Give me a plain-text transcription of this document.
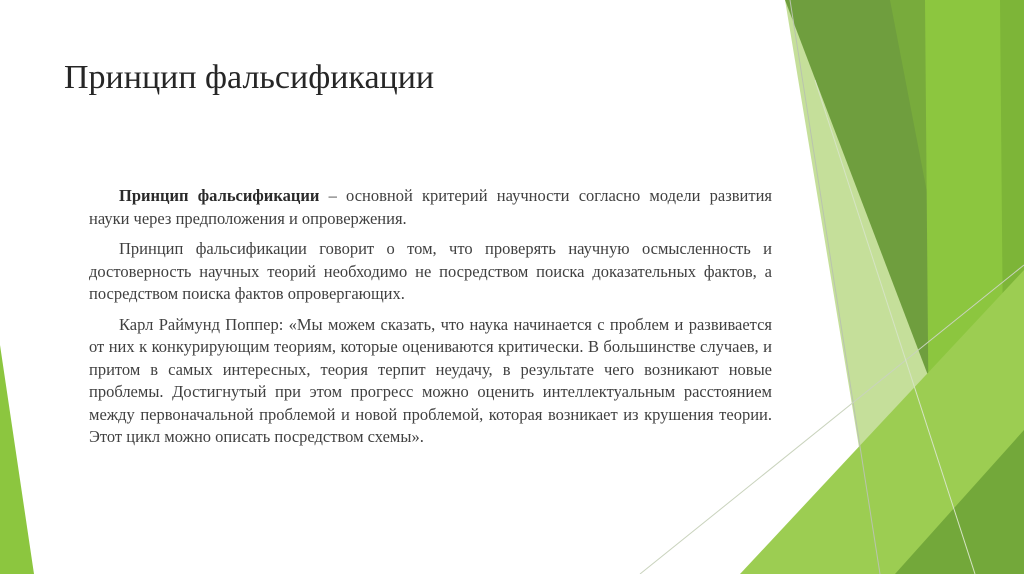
Принцип фальсификации

Принцип фальсификации – основной критерий научности согласно модели развития науки через предположения и опровержения.

Принцип фальсификации говорит о том, что проверять научную осмысленность и достоверность научных теорий необходимо не посредством поиска доказательных фактов, а посредством поиска фактов опровергающих.

Карл Раймунд Поппер: «Мы можем сказать, что наука начинается с проблем и развивается от них к конкурирующим теориям, которые оцениваются критически. В большинстве случаев, и притом в самых интересных, теория терпит неудачу, в результате чего возникают новые проблемы. Достигнутый при этом прогресс можно оценить интеллектуальным расстоянием между первоначальной проблемой и новой проблемой, которая возникает из крушения теории. Этот цикл можно описать посредством схемы».
